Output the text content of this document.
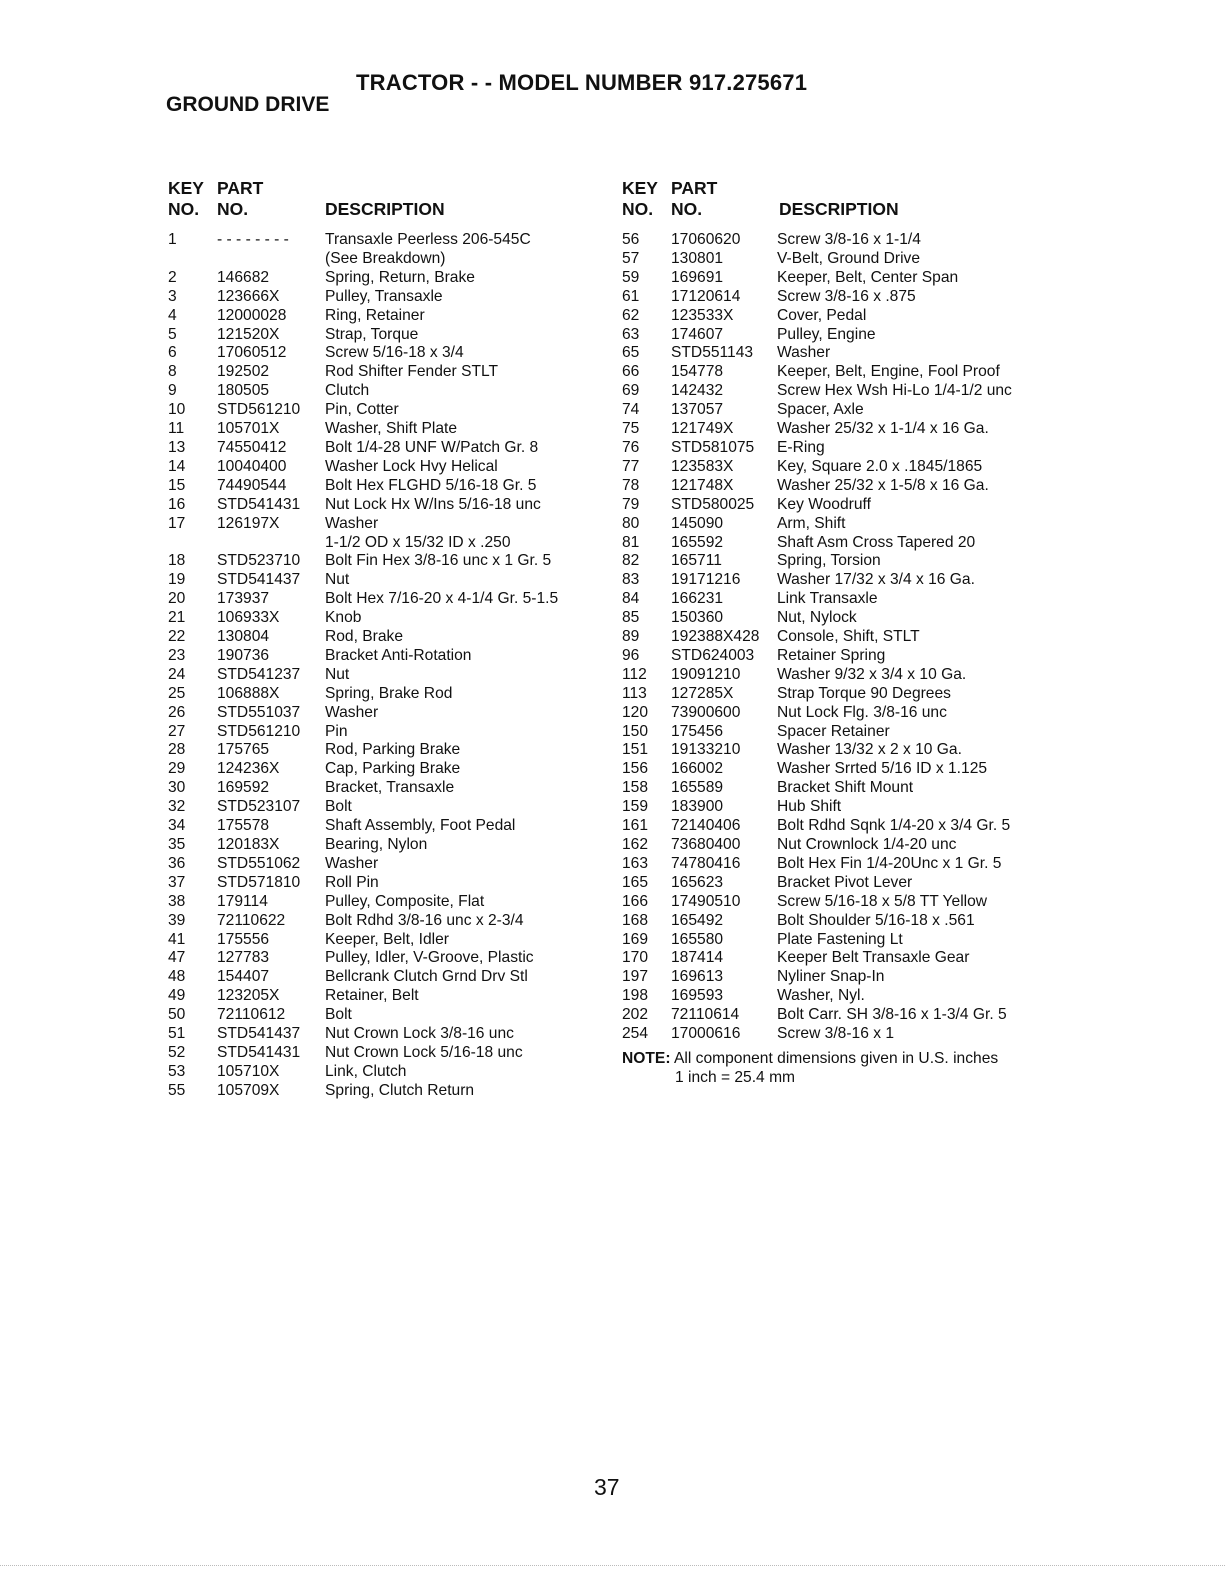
TRACTOR - - MODEL NUMBER 917.275671
GROUND DRIVE
KEY
NO.
PART
NO.	DESCRIPTION
1	- - - - - - - -	Transaxle Peerless 206-545C
(See Breakdown)
2	146682	Spring, Return, Brake
3	123666X	Pulley, Transaxle
4	12000028	Ring, Retainer
5	121520X	Strap, Torque
6	17060512	Screw 5/16-18 x 3/4
8	192502	Rod Shifter Fender STLT
9	180505	Clutch
10	STD561210	Pin, Cotter
11	105701X	Washer, Shift Plate
13	74550412	Bolt 1/4-28 UNF W/Patch Gr. 8
14	10040400	Washer Lock Hvy Helical
15	74490544	Bolt Hex FLGHD 5/16-18 Gr. 5
16	STD541431	Nut Lock Hx W/Ins 5/16-18 unc
17	126197X	Washer
1-1/2 OD x 15/32 ID x .250
18	STD523710	Bolt Fin Hex 3/8-16 unc x 1 Gr. 5
19	STD541437	Nut
20	173937	Bolt Hex 7/16-20 x 4-1/4 Gr. 5-1.5
21	106933X	Knob
22	130804	Rod, Brake
23	190736	Bracket Anti-Rotation
24	STD541237	Nut
25	106888X	Spring, Brake Rod
26	STD551037	Washer
27	STD561210	Pin
28	175765	Rod, Parking Brake
29	124236X	Cap, Parking Brake
30	169592	Bracket, Transaxle
32	STD523107	Bolt
34	175578	Shaft Assembly, Foot Pedal
35	120183X	Bearing, Nylon
36	STD551062	Washer
37	STD571810	Roll Pin
38	179114	Pulley, Composite, Flat
39	72110622	Bolt Rdhd 3/8-16 unc x 2-3/4
41	175556	Keeper, Belt, Idler
47	127783	Pulley, Idler, V-Groove, Plastic
48	154407	Bellcrank Clutch Grnd Drv Stl
49	123205X	Retainer, Belt
50	72110612	Bolt
51	STD541437	Nut Crown Lock 3/8-16 unc
52	STD541431	Nut Crown Lock 5/16-18 unc
53	105710X	Link, Clutch
55	105709X	Spring, Clutch Return
KEY
NO.
PART
NO.	DESCRIPTION
56	17060620	Screw 3/8-16 x 1-1/4
57	130801	V-Belt, Ground Drive
59	169691	Keeper, Belt, Center Span
61	17120614	Screw 3/8-16 x .875
62	123533X	Cover, Pedal
63	174607	Pulley, Engine
65	STD551143	Washer
66	154778	Keeper, Belt, Engine, Fool Proof
69	142432	Screw Hex Wsh Hi-Lo 1/4-1/2 unc
74	137057	Spacer, Axle
75	121749X	Washer 25/32 x 1-1/4 x 16 Ga.
76	STD581075	E-Ring
77	123583X	Key, Square 2.0 x .1845/1865
78	121748X	Washer 25/32 x 1-5/8 x 16 Ga.
79	STD580025	Key Woodruff
80	145090	Arm, Shift
81	165592	Shaft Asm Cross Tapered 20
82	165711	Spring, Torsion
83	19171216	Washer 17/32 x 3/4 x 16 Ga.
84	166231	Link Transaxle
85	150360	Nut, Nylock
89	192388X428	Console, Shift, STLT
96	STD624003	Retainer Spring
112	19091210	Washer 9/32 x 3/4 x 10 Ga.
113	127285X	Strap Torque 90 Degrees
120	73900600	Nut Lock Flg. 3/8-16 unc
150	175456	Spacer Retainer
151	19133210	Washer 13/32 x 2 x 10 Ga.
156	166002	Washer Srrted 5/16 ID x 1.125
158	165589	Bracket Shift Mount
159	183900	Hub Shift
161	72140406	Bolt Rdhd Sqnk 1/4-20 x 3/4 Gr. 5
162	73680400	Nut Crownlock 1/4-20 unc
163	74780416	Bolt Hex Fin 1/4-20Unc x 1 Gr. 5
165	165623	Bracket Pivot Lever
166	17490510	Screw 5/16-18 x 5/8 TT Yellow
168	165492	Bolt Shoulder 5/16-18 x .561
169	165580	Plate Fastening Lt
170	187414	Keeper Belt Transaxle Gear
197	169613	Nyliner Snap-In
198	169593	Washer, Nyl.
202	72110614	Bolt Carr. SH 3/8-16 x 1-3/4 Gr. 5
254	17000616	Screw 3/8-16 x 1
NOTE: All component dimensions given in U.S. inches
1 inch = 25.4 mm
37
